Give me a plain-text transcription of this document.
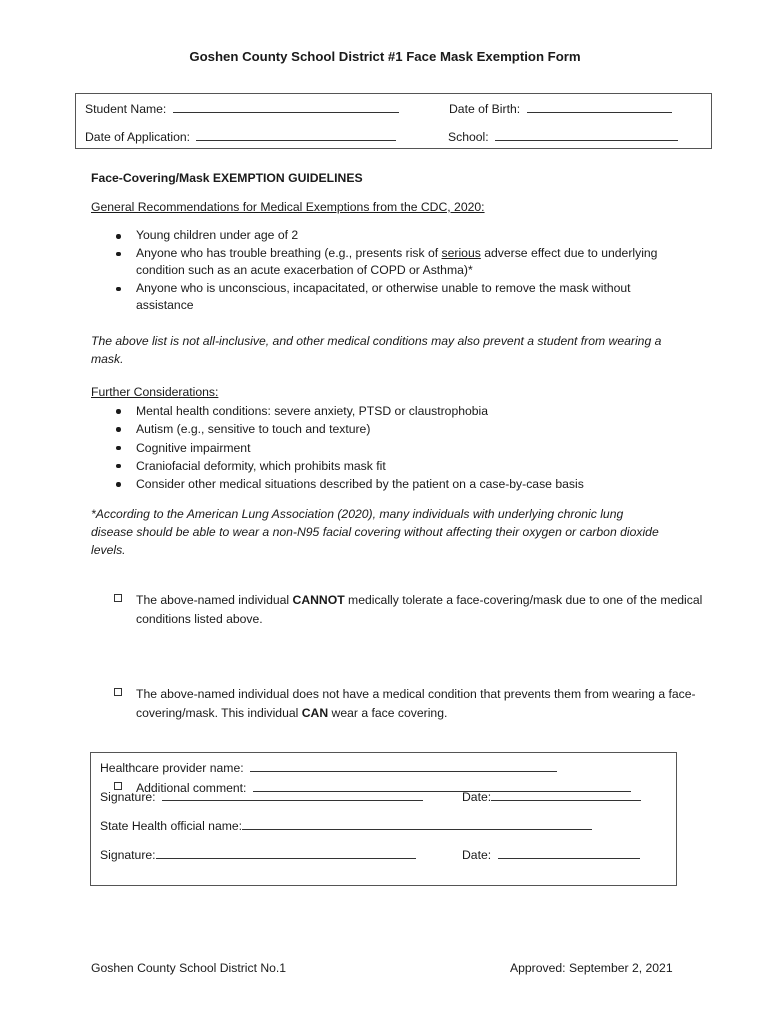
Goshen County School District #1 Face Mask Exemption Form
Student Name:	Date of Birth:
Date of Application:	School:
Face-Covering/Mask EXEMPTION GUIDELINES
General Recommendations for Medical Exemptions from the CDC, 2020:
Young children under age of 2
Anyone who has trouble breathing (e.g., presents risk of serious adverse effect due to underlying condition such as an acute exacerbation of COPD or Asthma)*
Anyone who is unconscious, incapacitated, or otherwise unable to remove the mask without assistance
The above list is not all-inclusive, and other medical conditions may also prevent a student from wearing a mask.
Further Considerations:
Mental health conditions: severe anxiety, PTSD or claustrophobia
Autism (e.g., sensitive to touch and texture)
Cognitive impairment
Craniofacial deformity, which prohibits mask fit
Consider other medical situations described by the patient on a case-by-case basis
*According to the American Lung Association (2020), many individuals with underlying chronic lung disease should be able to wear a non-N95 facial covering without affecting their oxygen or carbon dioxide levels.
The above-named individual CANNOT medically tolerate a face-covering/mask due to one of the medical conditions listed above.
The above-named individual does not have a medical condition that prevents them from wearing a face-covering/mask. This individual CAN wear a face covering.
Additional comment:
Healthcare provider name:
Signature:	Date:
State Health official name:
Signature:	Date:
Goshen County School District No.1	Approved: September 2, 2021
